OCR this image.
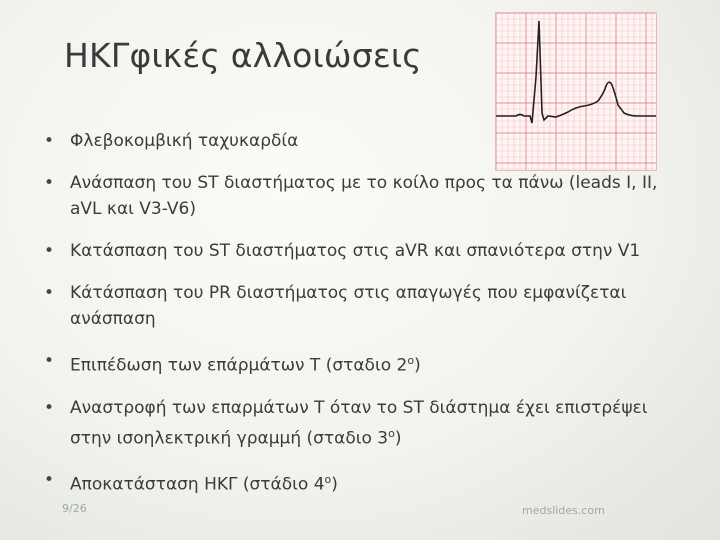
ΗΚΓφικές αλλοιώσεις
• Φλεβοκομβική ταχυκαρδία
• Ανάσπαση του ST διαστήματος με το κοίλο προς τα πάνω (leads I, II, aVL και V3-V6)
• Κατάσπαση του ST διαστήματος στις aVR και σπανιότερα στην V1
• Κάτάσπαση του PR διαστήματος στις απαγωγές που εμφανίζεται ανάσπαση
• Επιπέδωση των επάρμάτων T (σταδιο $2^o$)
• Αναστροφή των επαρμάτων T όταν το ST διάστημα έχει επιστρέψει στην ισοηλεκτρική γραμμή (σταδιο $3^o$)
• Αποκατάσταση ΗΚΓ (στάδιο $4^o$)
9/26	medslides.com
